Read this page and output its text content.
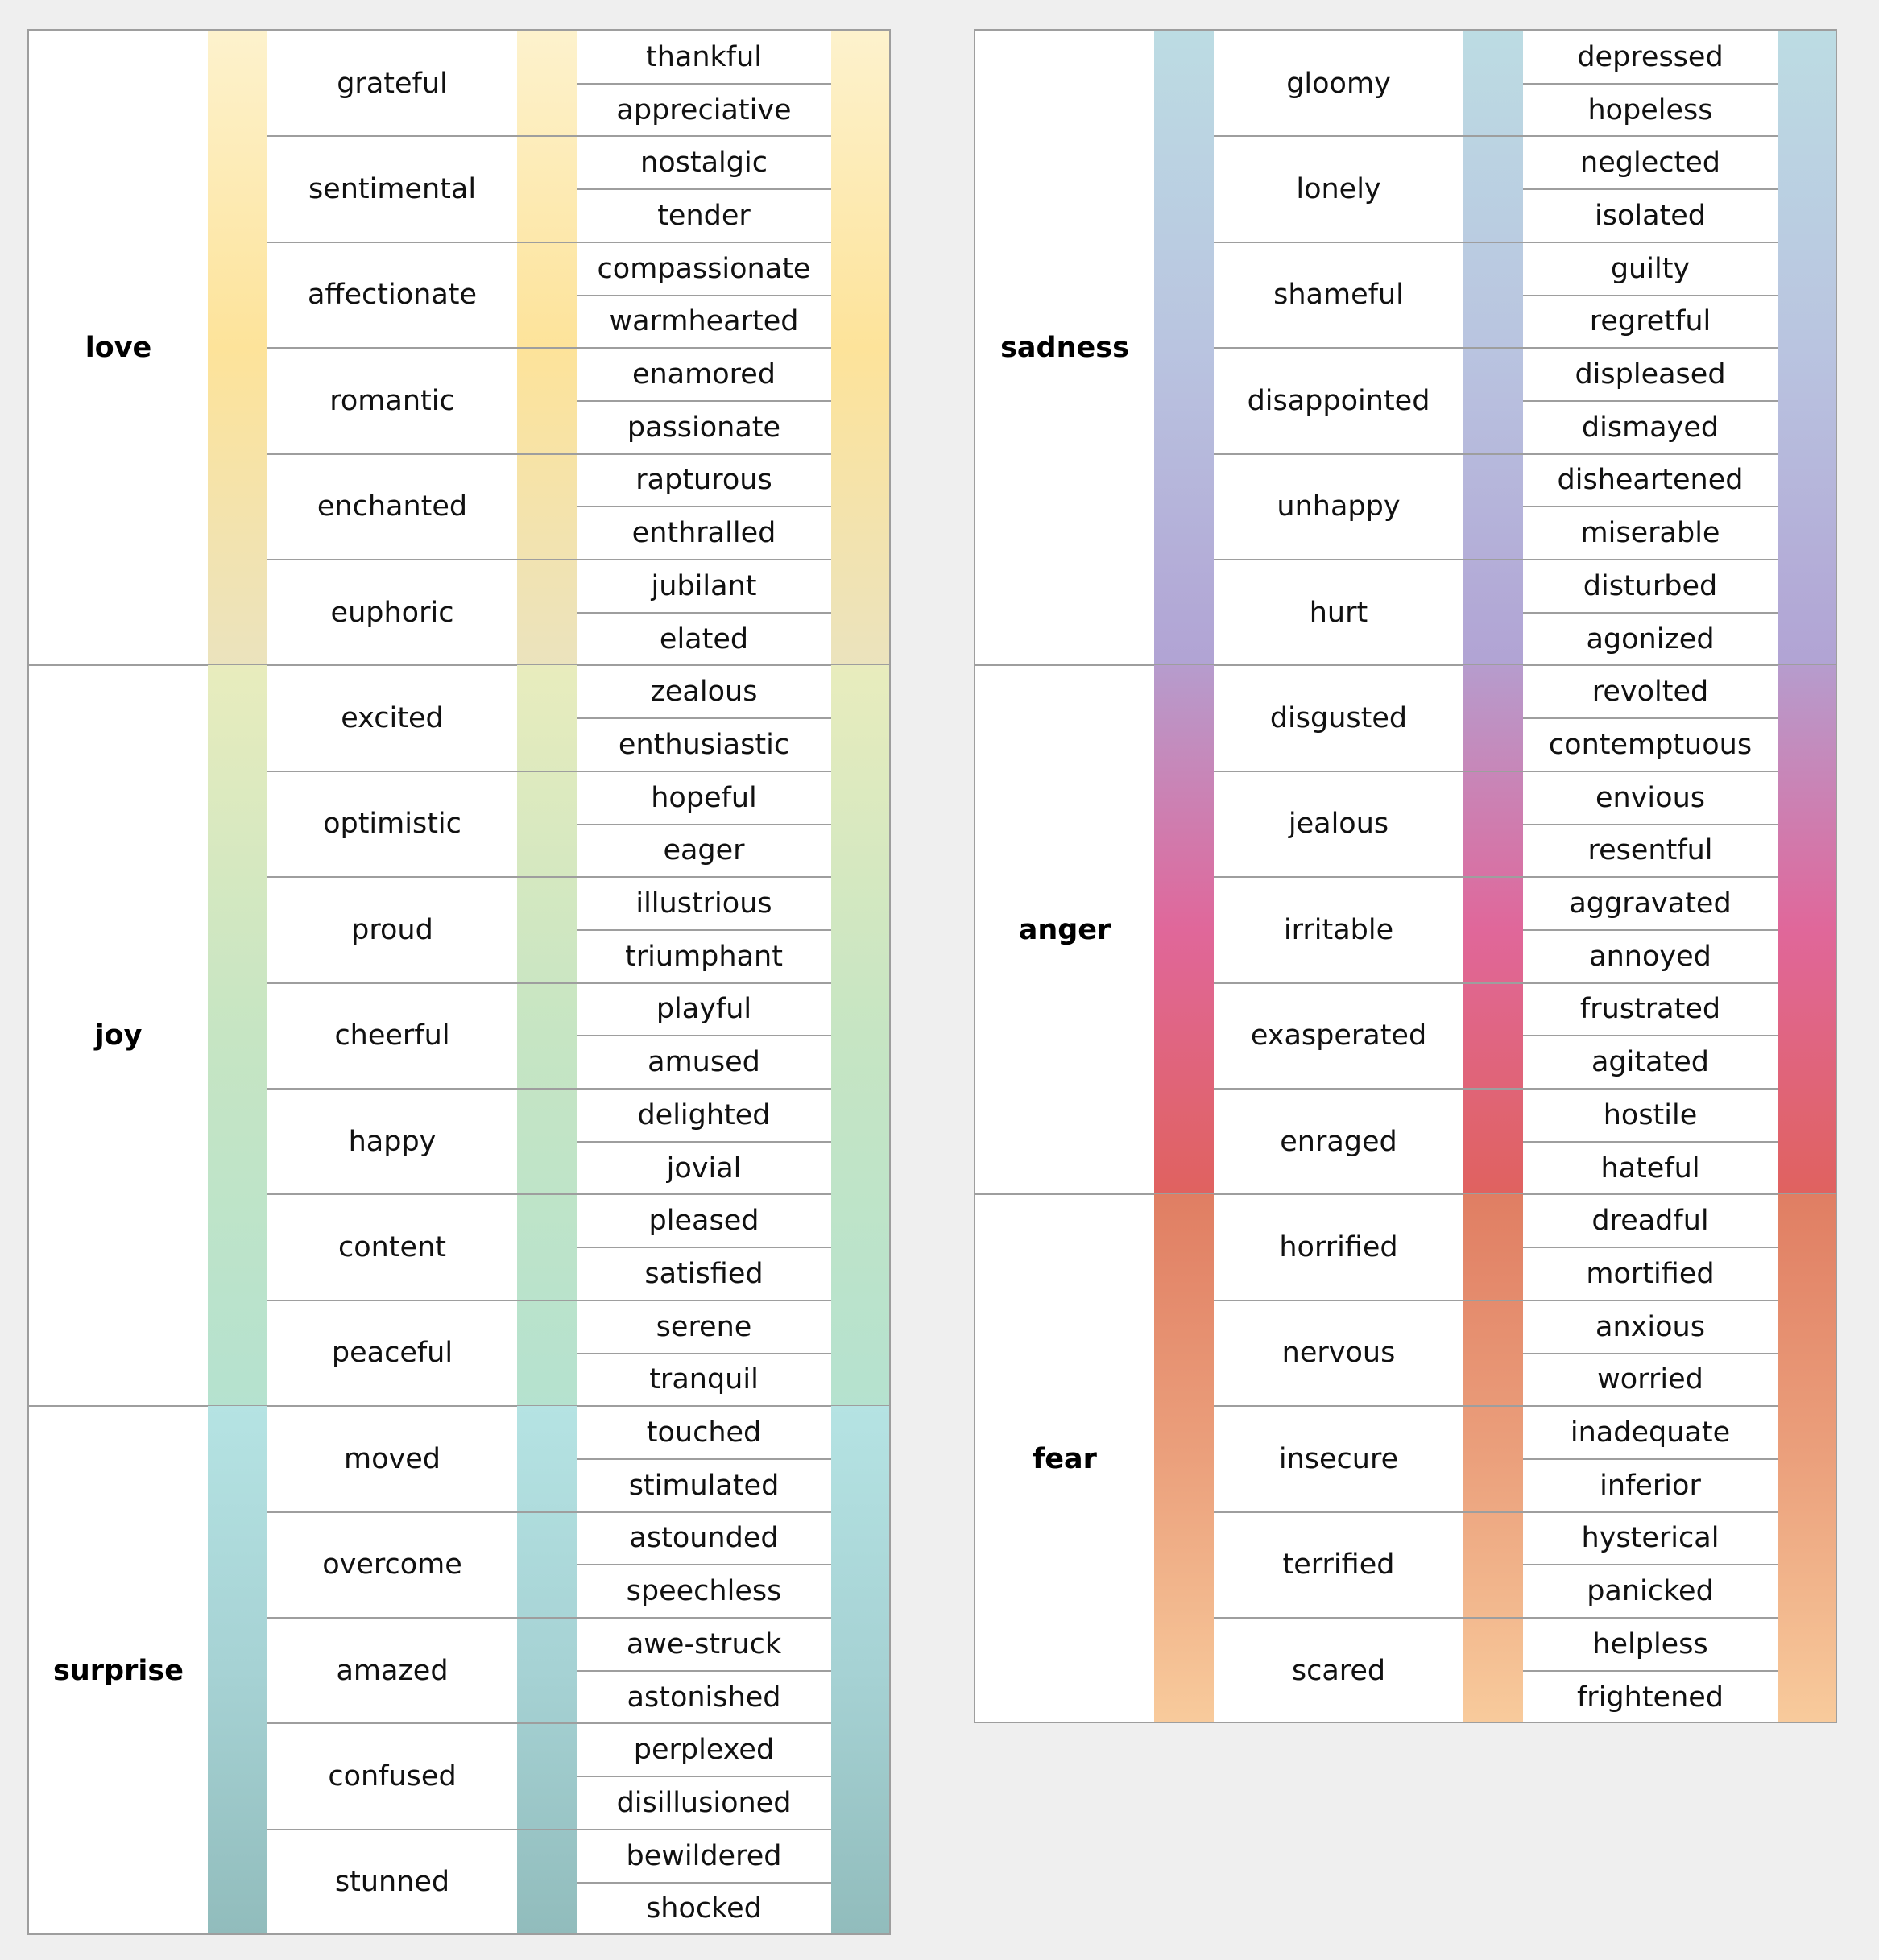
love
grateful
thankful
appreciative
sentimental
nostalgic
tender
affectionate
compassionate
warmhearted
romantic
enamored
passionate
enchanted
rapturous
enthralled
euphoric
jubilant
elated
joy
excited
zealous
enthusiastic
optimistic
hopeful
eager
proud
illustrious
triumphant
cheerful
playful
amused
happy
delighted
jovial
content
pleased
satisfied
peaceful
serene
tranquil
surprise
moved
touched
stimulated
overcome
astounded
speechless
amazed
awe-struck
astonished
confused
perplexed
disillusioned
stunned
bewildered
shocked
sadness
gloomy
depressed
hopeless
lonely
neglected
isolated
shameful
guilty
regretful
disappointed
displeased
dismayed
unhappy
disheartened
miserable
hurt
disturbed
agonized
anger
disgusted
revolted
contemptuous
jealous
envious
resentful
irritable
aggravated
annoyed
exasperated
frustrated
agitated
enraged
hostile
hateful
fear
horrified
dreadful
mortified
nervous
anxious
worried
insecure
inadequate
inferior
terrified
hysterical
panicked
scared
helpless
frightened
